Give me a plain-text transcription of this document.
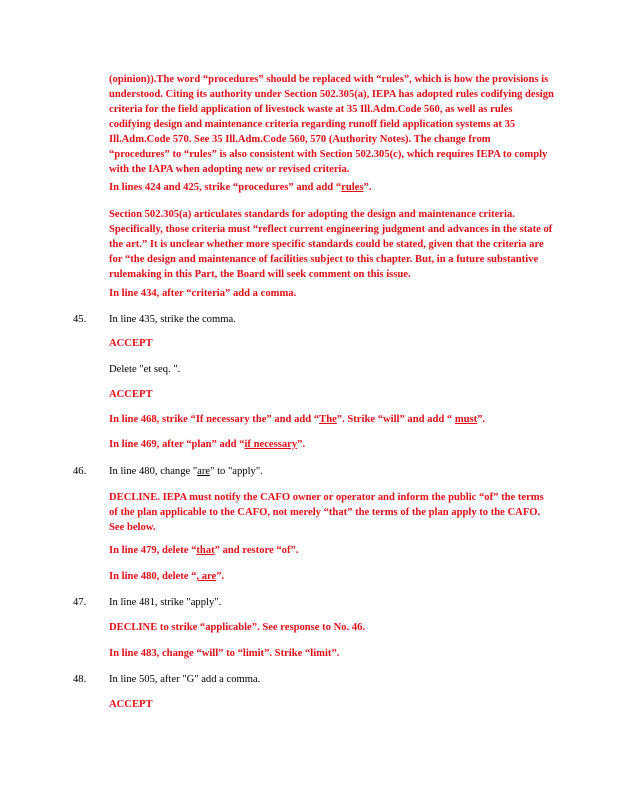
(opinion)).The word “procedures” should be replaced with “rules”, which is how the provisions is understood. Citing its authority under Section 502.305(a), IEPA has adopted rules codifying design criteria for the field application of livestock waste at 35 Ill.Adm.Code 560, as well as rules codifying design and maintenance criteria regarding runoff field application systems at 35 Ill.Adm.Code 570. See 35 Ill.Adm.Code 560, 570 (Authority Notes). The change from “procedures” to “rules” is also consistent with Section 502.305(c), which requires IEPA to comply with the IAPA when adopting new or revised criteria.

In lines 424 and 425, strike “procedures” and add “rules”.

Section 502.305(a) articulates standards for adopting the design and maintenance criteria. Specifically, those criteria must “reflect current engineering judgment and advances in the state of the art.” It is unclear whether more specific standards could be stated, given that the criteria are for “the design and maintenance of facilities subject to this chapter. But, in a future substantive rulemaking in this Part, the Board will seek comment on this issue.

In line 434, after “criteria” add a comma.

45. In line 435, strike the comma.

ACCEPT

Delete "et seq. ".

ACCEPT

In line 468, strike “If necessary the” and add “The”. Strike “will” and add “ must”.

In line 469, after “plan” add “if necessary”.

46. In line 480, change "are" to "apply".

DECLINE. IEPA must notify the CAFO owner or operator and inform the public “of” the terms of the plan applicable to the CAFO, not merely “that” the terms of the plan apply to the CAFO. See below.

In line 479, delete “that” and restore “of”.

In line 480, delete “, are”.

47. In line 481, strike "apply".

DECLINE to strike “applicable”. See response to No. 46.

In line 483, change “will” to “limit”. Strike “limit”.

48. In line 505, after "G" add a comma.

ACCEPT
